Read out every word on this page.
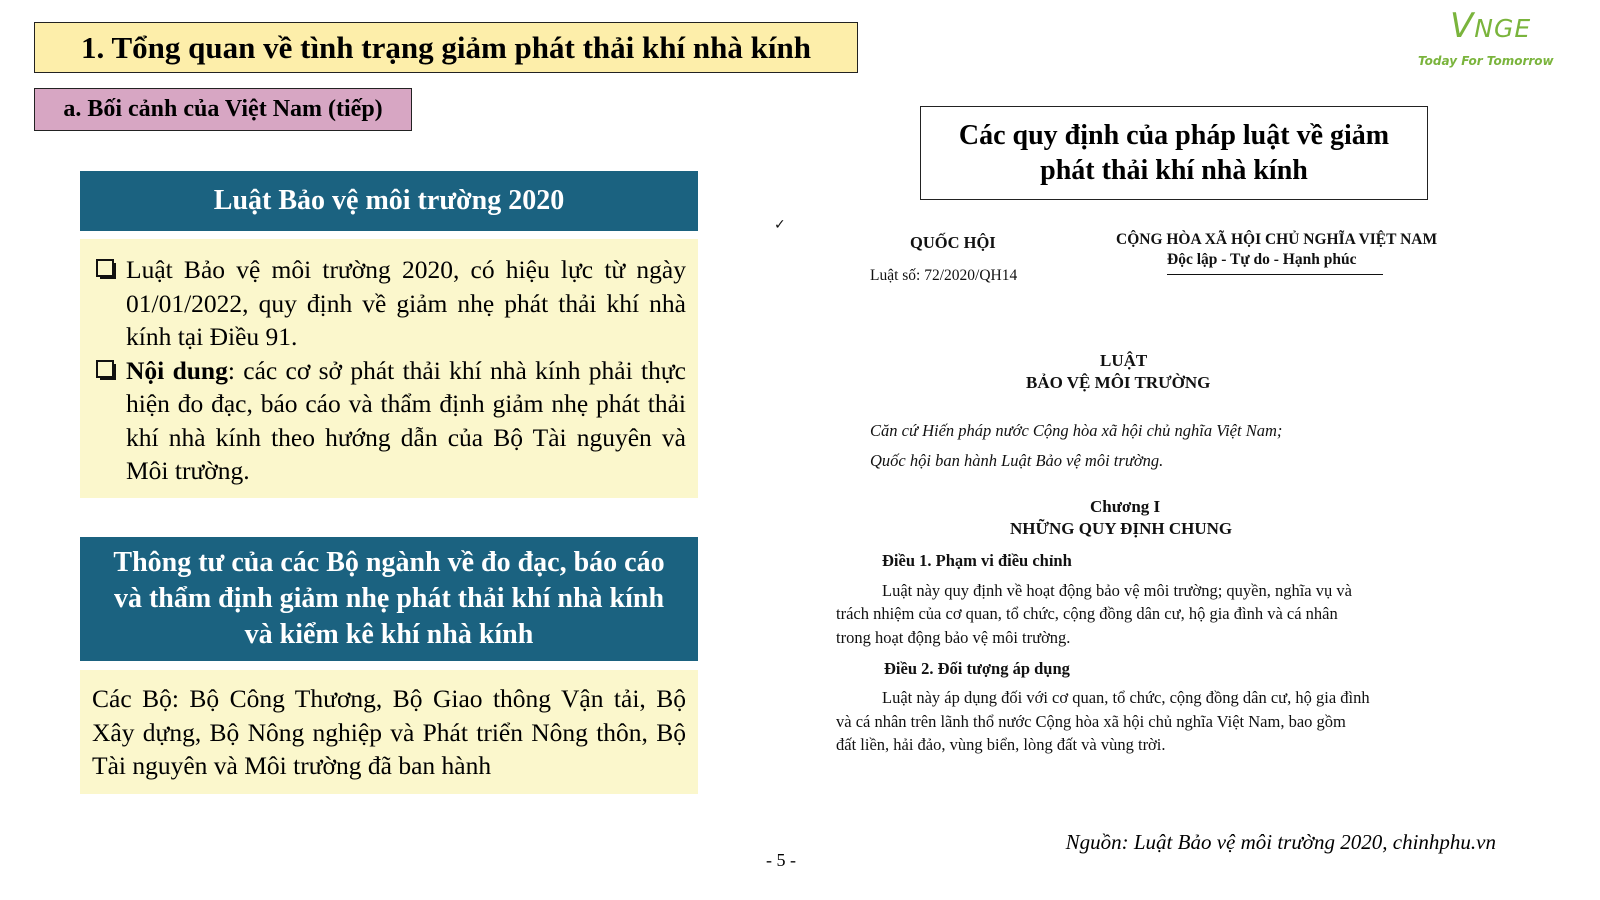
1. Tổng quan về tình trạng giảm phát thải khí nhà kính
a. Bối cảnh của Việt Nam (tiếp)
VNGE
Today For Tomorrow
Luật Bảo vệ môi trường 2020
Luật Bảo vệ môi trường 2020, có hiệu lực từ ngày 01/01/2022, quy định về giảm nhẹ phát thải khí nhà kính tại Điều 91.
Nội dung: các cơ sở phát thải khí nhà kính phải thực hiện đo đạc, báo cáo và thẩm định giảm nhẹ phát thải khí nhà kính theo hướng dẫn của Bộ Tài nguyên và Môi trường.
Thông tư của các Bộ ngành về đo đạc, báo cáo và thẩm định giảm nhẹ phát thải khí nhà kính và kiểm kê khí nhà kính
Các Bộ: Bộ Công Thương, Bộ Giao thông Vận tải, Bộ Xây dựng, Bộ Nông nghiệp và Phát triển Nông thôn, Bộ Tài nguyên và Môi trường đã ban hành
Các quy định của pháp luật về giảm phát thải khí nhà kính
✓
QUỐC HỘI
Luật số: 72/2020/QH14
CỘNG HÒA XÃ HỘI CHỦ NGHĨA VIỆT NAM
Độc lập - Tự do - Hạnh phúc
LUẬT
BẢO VỆ MÔI TRƯỜNG
Căn cứ Hiến pháp nước Cộng hòa xã hội chủ nghĩa Việt Nam;
Quốc hội ban hành Luật Bảo vệ môi trường.
Chương I
NHỮNG QUY ĐỊNH CHUNG
Điều 1. Phạm vi điều chỉnh
Luật này quy định về hoạt động bảo vệ môi trường; quyền, nghĩa vụ và
trách nhiệm của cơ quan, tổ chức, cộng đồng dân cư, hộ gia đình và cá nhân
trong hoạt động bảo vệ môi trường.
Điều 2. Đối tượng áp dụng
Luật này áp dụng đối với cơ quan, tổ chức, cộng đồng dân cư, hộ gia đình
và cá nhân trên lãnh thổ nước Cộng hòa xã hội chủ nghĩa Việt Nam, bao gồm
đất liền, hải đảo, vùng biển, lòng đất và vùng trời.
Nguồn: Luật Bảo vệ môi trường 2020, chinhphu.vn
- 5 -
